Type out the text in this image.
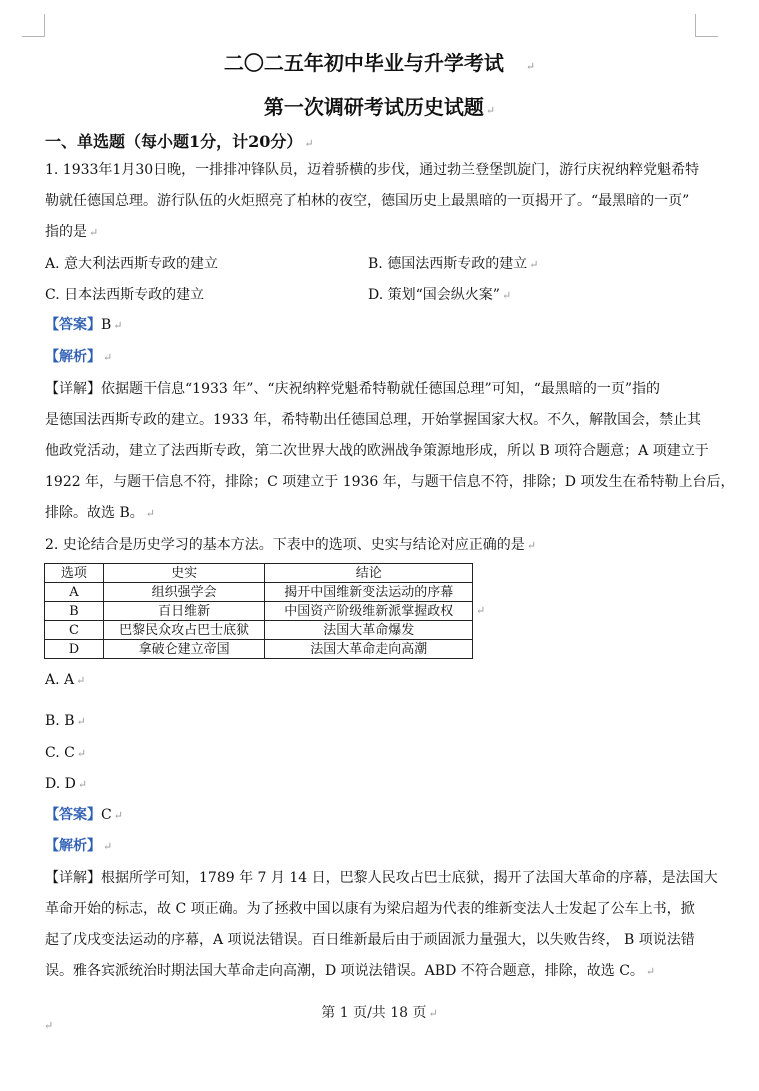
二〇二五年初中毕业与升学考试 ↵
第一次调研考试历史试题 ↵
一、单选题（每小题1分，计20分） ↵
1. 1933年1月30日晚，一排排冲锋队员，迈着骄横的步伐，通过勃兰登堡凯旋门，游行庆祝纳粹党魁希特
勒就任德国总理。游行队伍的火炬照亮了柏林的夜空，德国历史上最黑暗的一页揭开了。“最黑暗的一页”
指的是 ↵
A. 意大利法西斯专政的建立	B. 德国法西斯专政的建立 ↵
C. 日本法西斯专政的建立	D. 策划“国会纵火案” ↵
【答案】B ↵
【解析】 ↵
【详解】依据题干信息“1933 年”、“庆祝纳粹党魁希特勒就任德国总理”可知，“最黑暗的一页”指的
是德国法西斯专政的建立。1933 年，希特勒出任德国总理，开始掌握国家大权。不久，解散国会，禁止其
他政党活动，建立了法西斯专政，第二次世界大战的欧洲战争策源地形成，所以 B 项符合题意；A 项建立于
1922 年，与题干信息不符，排除；C 项建立于 1936 年，与题干信息不符，排除；D 项发生在希特勒上台后，
排除。故选 B。 ↵
2. 史论结合是历史学习的基本方法。下表中的选项、史实与结论对应正确的是 ↵
选项	史实	结论
A	组织强学会	揭开中国维新变法运动的序幕
B	百日维新	中国资产阶级维新派掌握政权
C	巴黎民众攻占巴士底狱	法国大革命爆发
D	拿破仑建立帝国	法国大革命走向高潮
↵
A. A ↵
B. B ↵
C. C ↵
D. D ↵
【答案】C ↵
【解析】 ↵
【详解】根据所学可知，1789 年 7 月 14 日，巴黎人民攻占巴士底狱，揭开了法国大革命的序幕，是法国大
革命开始的标志，故 C 项正确。为了拯救中国以康有为梁启超为代表的维新变法人士发起了公车上书，掀
起了戊戌变法运动的序幕，A 项说法错误。百日维新最后由于顽固派力量强大，以失败告终， B 项说法错
误。雅各宾派统治时期法国大革命走向高潮，D 项说法错误。ABD 不符合题意，排除，故选 C。 ↵
第 1 页/共 18 页 ↵
↵
